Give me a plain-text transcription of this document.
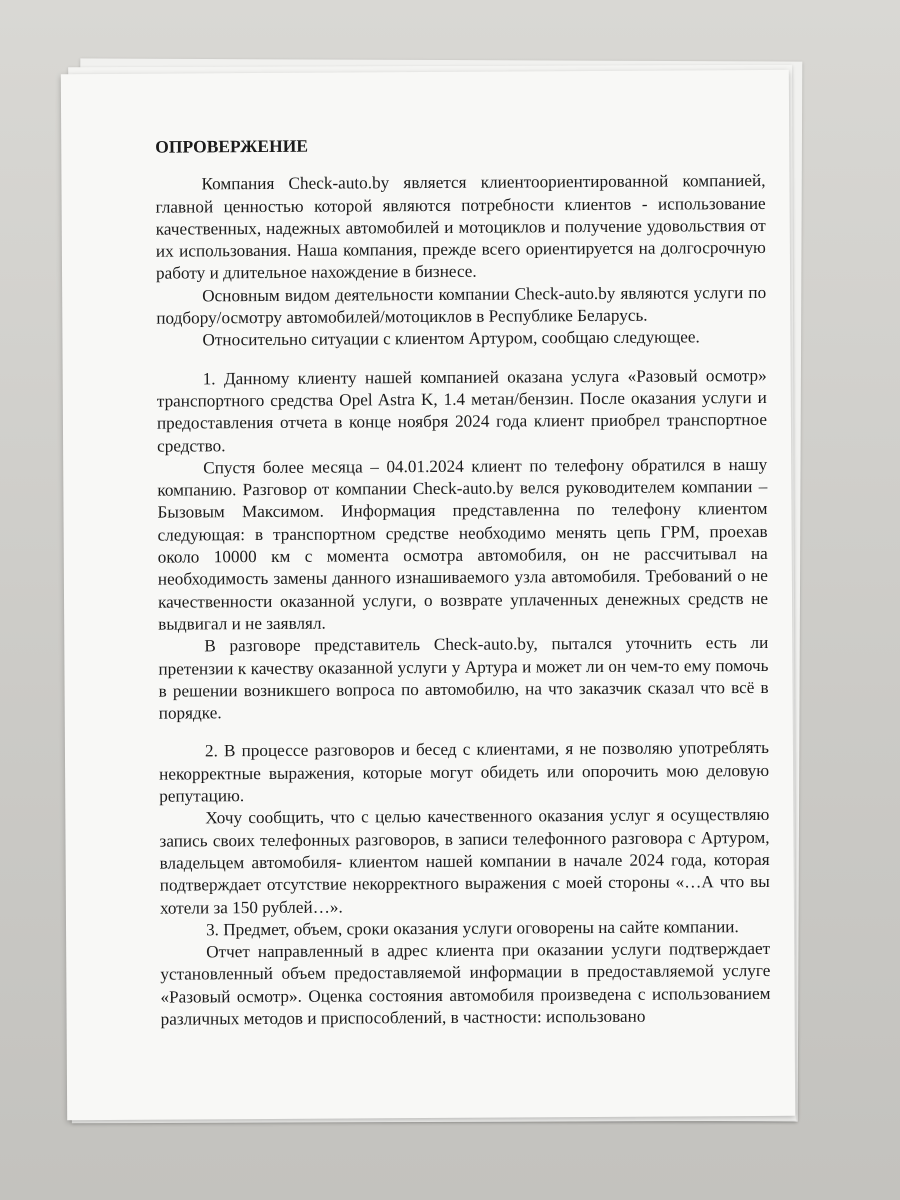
ОПРОВЕРЖЕНИЕ

Компания Check-auto.by является клиентоориентированной компанией, главной ценностью которой являются потребности клиентов - использование качественных, надежных автомобилей и мотоциклов и получение удовольствия от их использования. Наша компания, прежде всего ориентируется на долгосрочную работу и длительное нахождение в бизнесе.

Основным видом деятельности компании Check-auto.by являются услуги по подбору/осмотру автомобилей/мотоциклов в Республике Беларусь.

Относительно ситуации с клиентом Артуром, сообщаю следующее.

1. Данному клиенту нашей компанией оказана услуга «Разовый осмотр» транспортного средства Opel Astra K, 1.4 метан/бензин. После оказания услуги и предоставления отчета в конце ноября 2024 года клиент приобрел транспортное средство.

Спустя более месяца – 04.01.2024 клиент по телефону обратился в нашу компанию. Разговор от компании Check-auto.by велся руководителем компании – Бызовым Максимом. Информация представленна по телефону клиентом следующая: в транспортном средстве необходимо менять цепь ГРМ, проехав около 10000 км с момента осмотра автомобиля, он не рассчитывал на необходимость замены данного изнашиваемого узла автомобиля. Требований о не качественности оказанной услуги, о возврате уплаченных денежных средств не выдвигал и не заявлял.

В разговоре представитель Check-auto.by, пытался уточнить есть ли претензии к качеству оказанной услуги у Артура и может ли он чем-то ему помочь в решении возникшего вопроса по автомобилю, на что заказчик сказал что всё в порядке.

2. В процессе разговоров и бесед с клиентами, я не позволяю употреблять некорректные выражения, которые могут обидеть или опорочить мою деловую репутацию.

Хочу сообщить, что с целью качественного оказания услуг я осуществляю запись своих телефонных разговоров, в записи телефонного разговора с Артуром, владельцем автомобиля- клиентом нашей компании в начале 2024 года, которая подтверждает отсутствие некорректного выражения с моей стороны «…А что вы хотели за 150 рублей…».

3. Предмет, объем, сроки оказания услуги оговорены на сайте компании.

Отчет направленный в адрес клиента при оказании услуги подтверждает установленный объем предоставляемой информации в предоставляемой услуге «Разовый осмотр». Оценка состояния автомобиля произведена с использованием различных методов и приспособлений, в частности: использовано
